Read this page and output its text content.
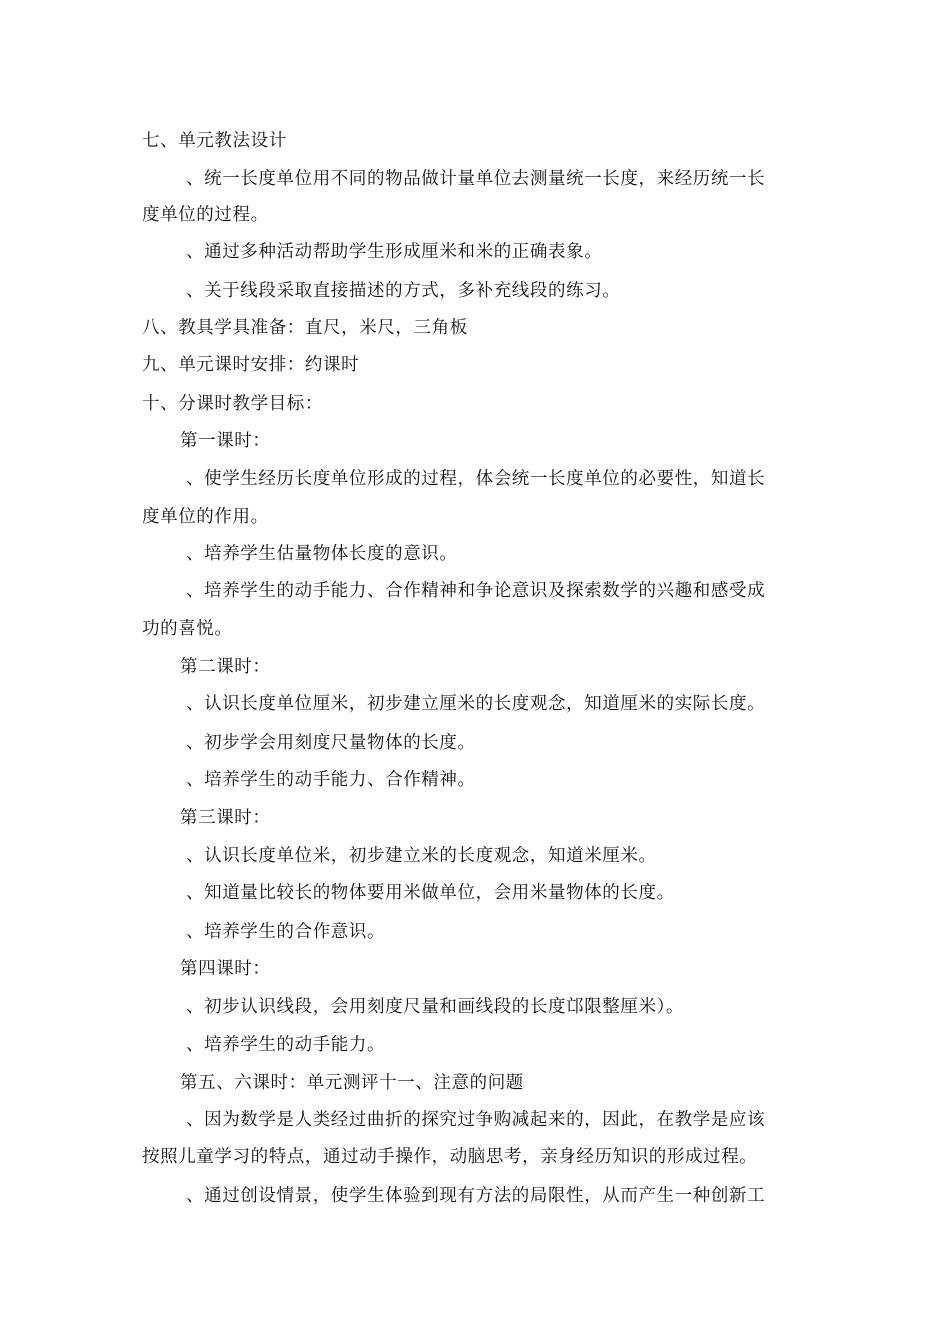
七、单元教法设计
、统一长度单位用不同的物品做计量单位去测量统一长度，来经历统一长
度单位的过程。
、通过多种活动帮助学生形成厘米和米的正确表象。
、关于线段采取直接描述的方式，多补充线段的练习。
八、教具学具准备：直尺，米尺，三角板
九、单元课时安排：约课时
十、分课时教学目标：
第一课时：
、使学生经历长度单位形成的过程，体会统一长度单位的必要性，知道长
度单位的作用。
、培养学生估量物体长度的意识。
、培养学生的动手能力、合作精神和争论意识及探索数学的兴趣和感受成
功的喜悦。
第二课时：
、认识长度单位厘米，初步建立厘米的长度观念，知道厘米的实际长度。
、初步学会用刻度尺量物体的长度。
、培养学生的动手能力、合作精神。
第三课时：
、认识长度单位米，初步建立米的长度观念，知道米厘米。
、知道量比较长的物体要用米做单位，会用米量物体的长度。
、培养学生的合作意识。
第四课时：
、初步认识线段，会用刻度尺量和画线段的长度邙限整厘米）。
、培养学生的动手能力。
第五、六课时：单元测评十一、注意的问题
、因为数学是人类经过曲折的探究过争购减起来的，因此，在教学是应该
按照儿童学习的特点，通过动手操作，动脑思考，亲身经历知识的形成过程。
、通过创设情景，使学生体验到现有方法的局限性，从而产生一种创新工
